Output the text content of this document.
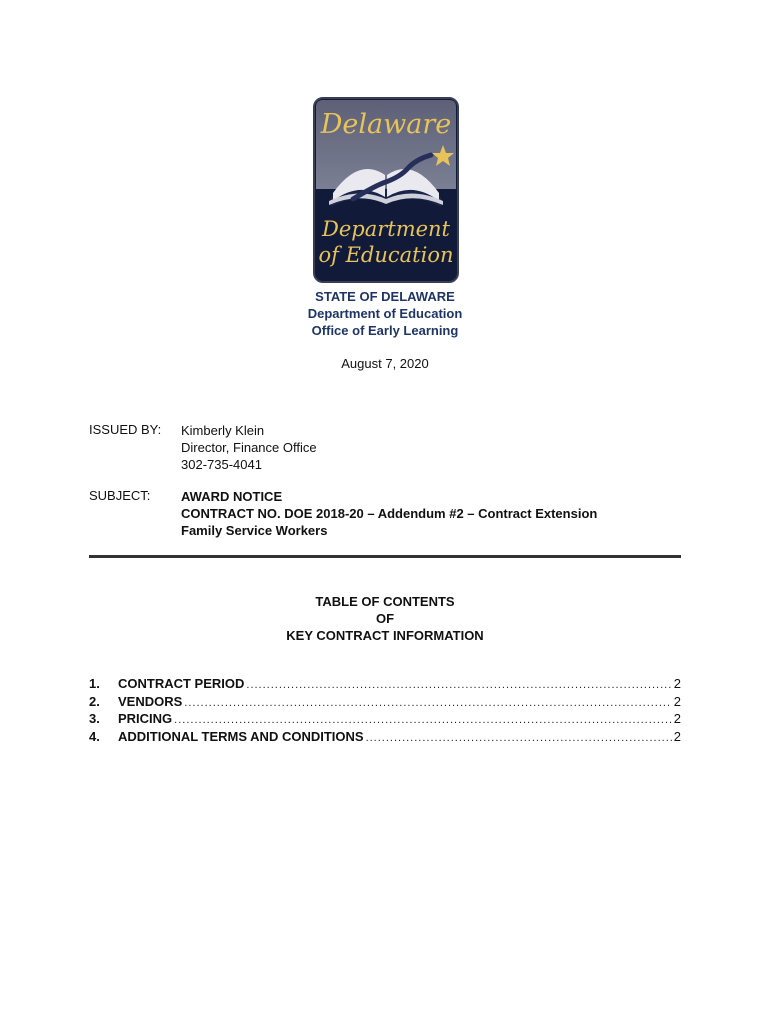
Delaware
Department
of Education
STATE OF DELAWARE
Department of Education
Office of Early Learning
August 7, 2020
ISSUED BY: Kimberly Klein
Director, Finance Office
302-735-4041
SUBJECT: AWARD NOTICE
CONTRACT NO. DOE 2018-20 – Addendum #2 – Contract Extension
Family Service Workers
TABLE OF CONTENTS
OF
KEY CONTRACT INFORMATION
1.	CONTRACT PERIOD .....	2
2.	VENDORS .....	2
3.	PRICING .....	2
4.	ADDITIONAL TERMS AND CONDITIONS .....	2
